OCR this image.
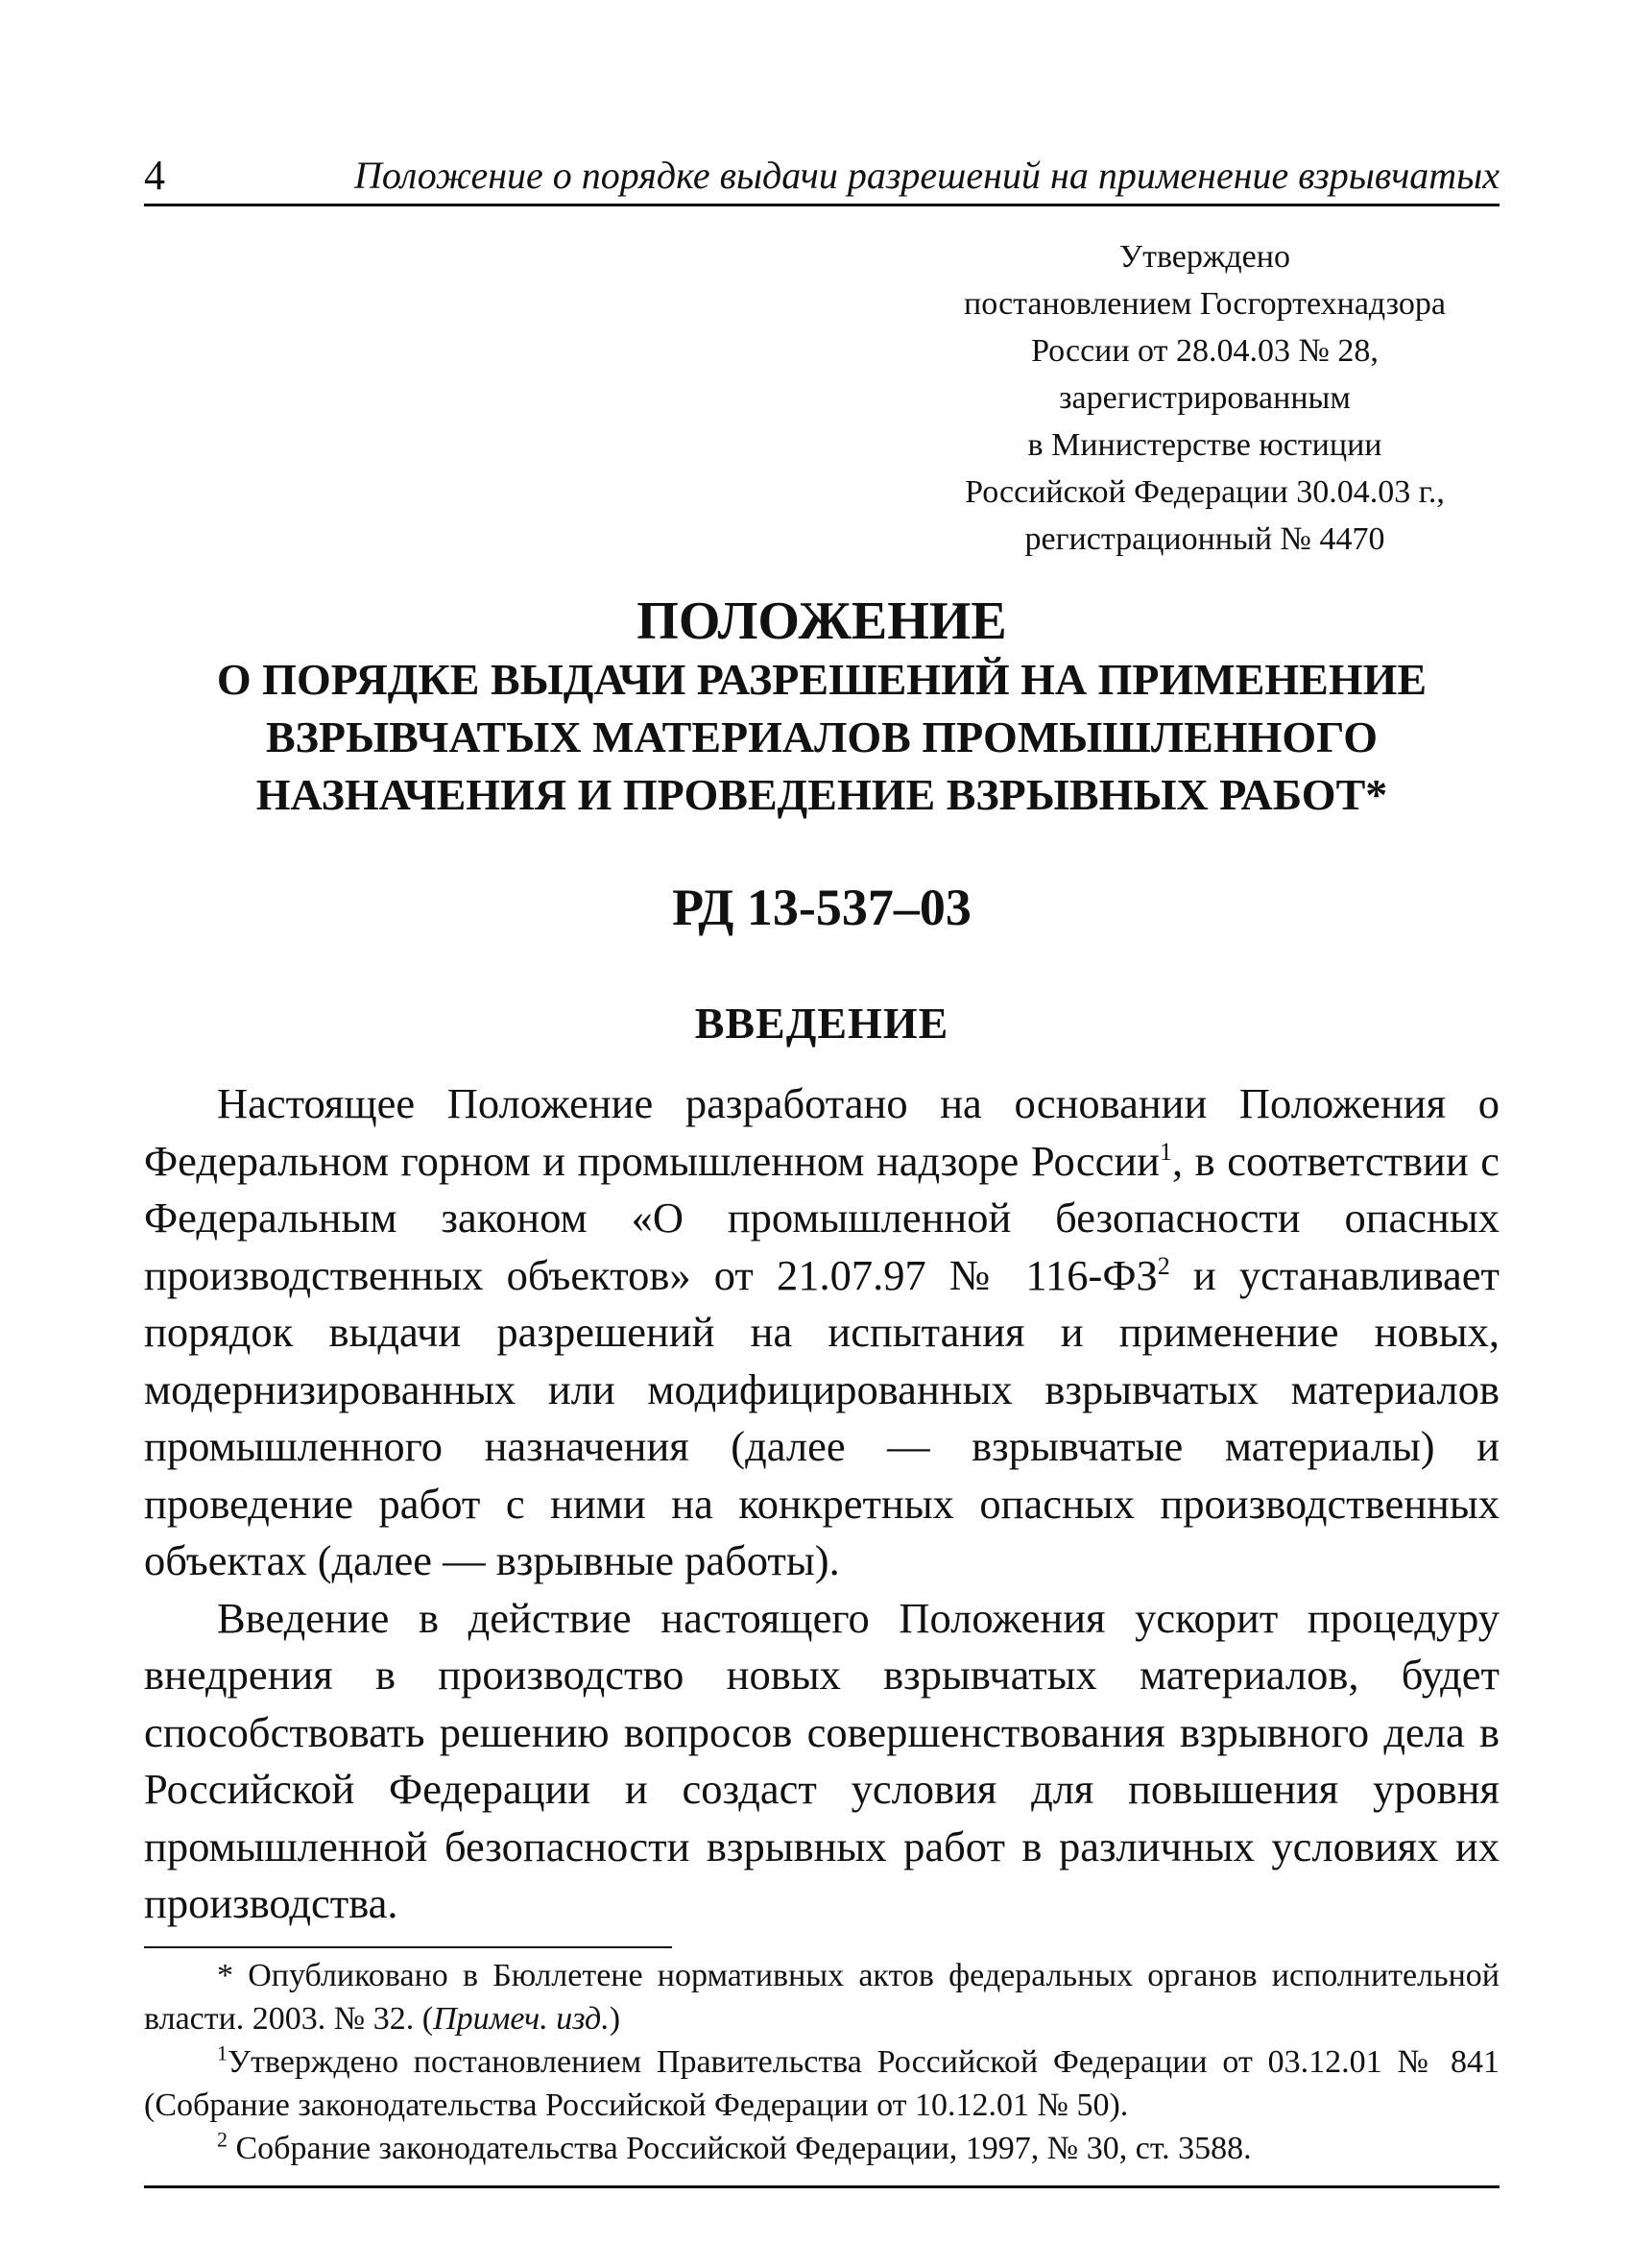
4	Положение о порядке выдачи разрешений на применение взрывчатых
Утверждено
постановлением Госгортехнадзора
России от 28.04.03 № 28,
зарегистрированным
в Министерстве юстиции
Российской Федерации 30.04.03 г.,
регистрационный № 4470
ПОЛОЖЕНИЕ
О ПОРЯДКЕ ВЫДАЧИ РАЗРЕШЕНИЙ НА ПРИМЕНЕНИЕ
ВЗРЫВЧАТЫХ МАТЕРИАЛОВ ПРОМЫШЛЕННОГО
НАЗНАЧЕНИЯ И ПРОВЕДЕНИЕ ВЗРЫВНЫХ РАБОТ*
РД 13-537–03
ВВЕДЕНИЕ

Настоящее Положение разработано на основании Положения о Федеральном горном и промышленном надзоре России$^1$, в соответствии с Федеральным законом «О промышленной безопасности опасных производственных объектов» от 21.07.97 № $116-ФЗ^2$ и устанавливает порядок выдачи разрешений на испытания и применение новых, модернизированных или модифицированных взрывчатых материалов промышленного назначения (далее — взрывчатые материалы) и проведение работ с ними на конкретных опасных производственных объектах (далее — взрывные работы).

Введение в действие настоящего Положения ускорит процедуру внедрения в производство новых взрывчатых материалов, будет способствовать решению вопросов совершенствования взрывного дела в Российской Федерации и создаст условия для повышения уровня промышленной безопасности взрывных работ в различных условиях их производства.

* Опубликовано в Бюллетене нормативных актов федеральных органов исполнительной власти. 2003. № 32. (Примеч. изд.)

$^1$Утверждено постановлением Правительства Российской Федерации от 03.12.01 № 841 (Собрание законодательства Российской Федерации от 10.12.01 № 50).

$^2$ Собрание законодательства Российской Федерации, 1997, № 30, ст. 3588.
